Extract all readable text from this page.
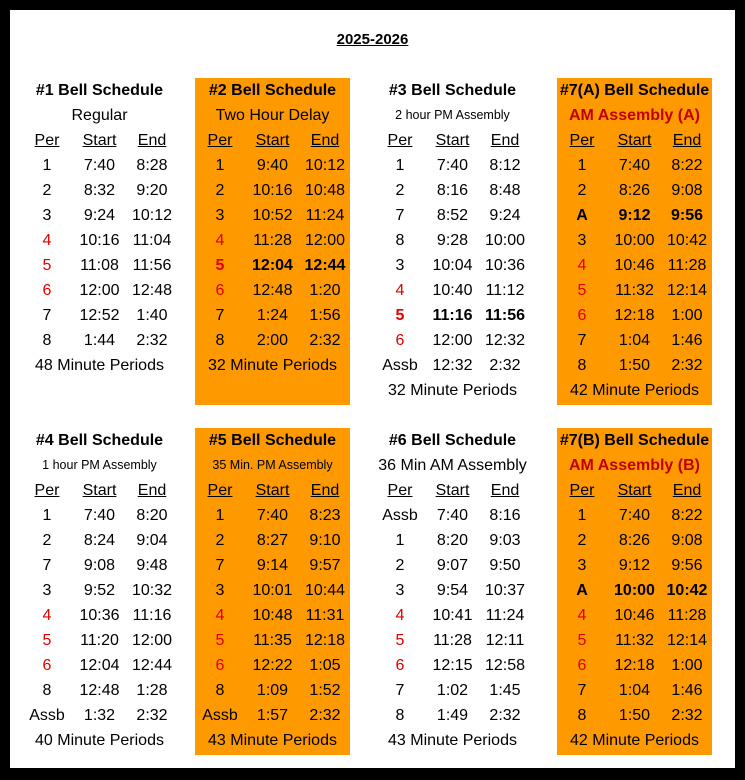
2025-2026
#1 Bell Schedule
Regular
Per	Start	End
1	7:40	8:28
2	8:32	9:20
3	9:24	10:12
4	10:16 11:04
5	11:08 11:56
6	12:00 12:48
7	12:52	1:40
8	1:44	2:32
48 Minute Periods
#2 Bell Schedule
Two Hour Delay
Per	Start	End
1	9:40	10:12
2	10:16 10:48
3	10:52 11:24
4	11:28 12:00
5	12:04 12:44
6	12:48	1:20
7	1:24	1:56
8	2:00	2:32
32 Minute Periods
#3 Bell Schedule
2 hour PM Assembly
Per	Start	End
1	7:40	8:12
2	8:16	8:48
7	8:52	9:24
8	9:28	10:00
3	10:04 10:36
4	10:40 11:12
5	11:16 11:56
6	12:00 12:32
Assb 12:32	2:32
32 Minute Periods
#7(A) Bell Schedule
AM Assembly (A)
Per	Start	End
1	7:40	8:22
2	8:26	9:08
A	9:12	9:56
3	10:00 10:42
4	10:46 11:28
5	11:32 12:14
6	12:18	1:00
7	1:04	1:46
8	1:50	2:32
42 Minute Periods
#4 Bell Schedule
1 hour PM Assembly
Per	Start	End
1	7:40	8:20
2	8:24	9:04
7	9:08	9:48
3	9:52	10:32
4	10:36 11:16
5	11:20 12:00
6	12:04 12:44
8	12:48	1:28
Assb	1:32	2:32
40 Minute Periods
#5 Bell Schedule
35 Min. PM Assembly
Per	Start	End
1	7:40	8:23
2	8:27	9:10
7	9:14	9:57
3	10:01 10:44
4	10:48 11:31
5	11:35 12:18
6	12:22	1:05
8	1:09	1:52
Assb	1:57	2:32
43 Minute Periods
#6 Bell Schedule
36 Min AM Assembly
Per	Start	End
Assb	7:40	8:16
1	8:20	9:03
2	9:07	9:50
3	9:54	10:37
4	10:41 11:24
5	11:28 12:11
6	12:15 12:58
7	1:02	1:45
8	1:49	2:32
43 Minute Periods
#7(B) Bell Schedule
AM Assembly (B)
Per	Start	End
1	7:40	8:22
2	8:26	9:08
3	9:12	9:56
A	10:00 10:42
4	10:46 11:28
5	11:32 12:14
6	12:18	1:00
7	1:04	1:46
8	1:50	2:32
42 Minute Periods
